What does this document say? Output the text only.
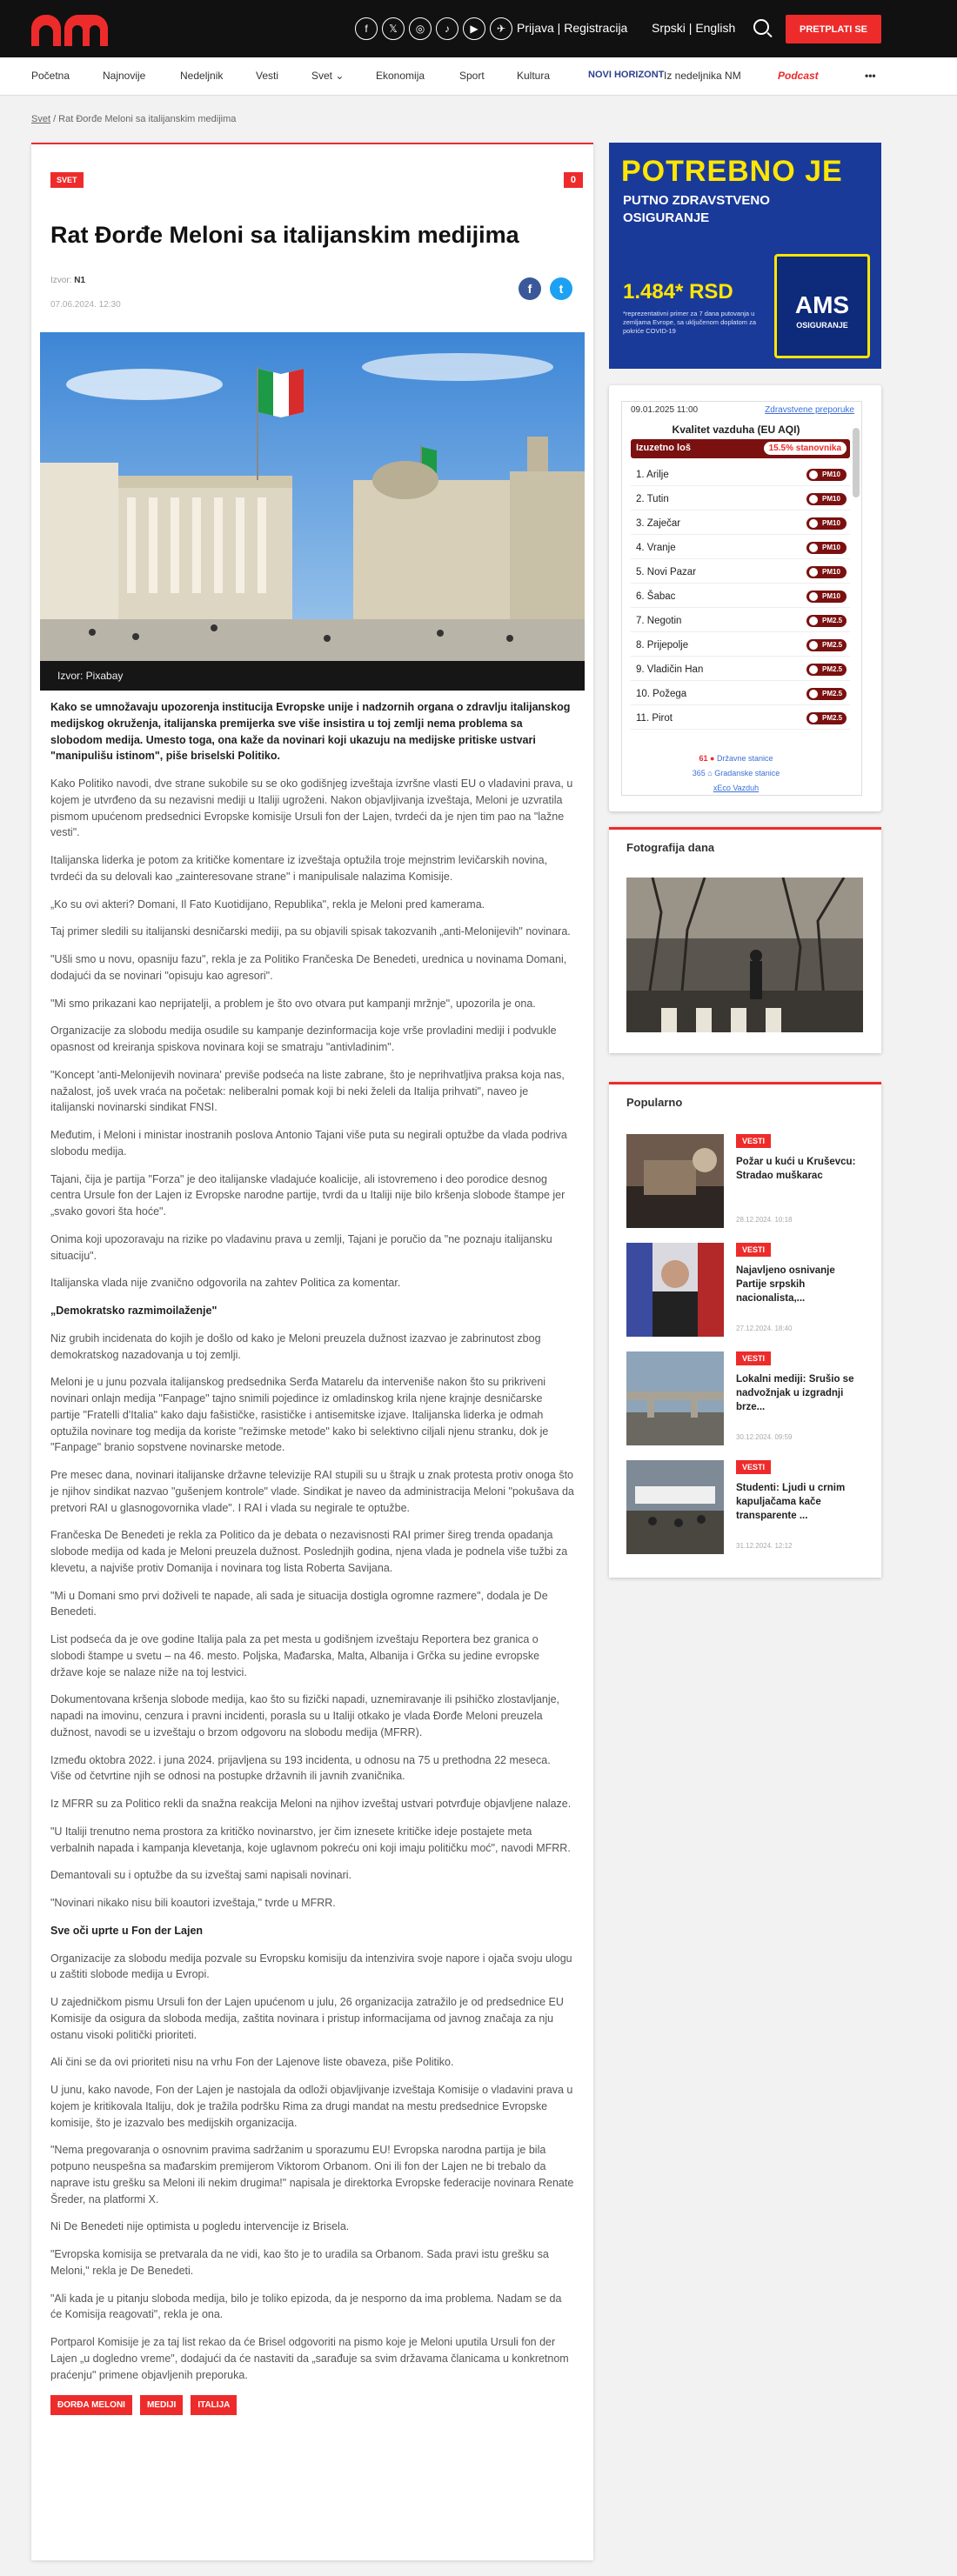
f	𝕏	◎	♪	▶	✈ Prijava | Registracija Srpski | English	PRETPLATI SE
Početna	Najnovije	Nedeljnik	Vesti	Svet ⌄	Ekonomija	Sport	Kultura	NOVI HORIZONT Iz nedeljnika NM	Podcast	•••
Svet / Rat Đorđe Meloni sa italijanskim medijima
SVET	0
Rat Đorđe Meloni sa italijanskim medijima
Izvor: N1
07.06.2024. 12:30
f	t
Izvor: Pixabay

Kako se umnožavaju upozorenja institucija Evropske unije i nadzornih organa o zdravlju italijanskog medijskog okruženja, italijanska premijerka sve više insistira u toj zemlji nema problema sa slobodom medija. Umesto toga, ona kaže da novinari koji ukazuju na medijske pritiske ustvari "manipulišu istinom", piše briselski Politiko.

Kako Politiko navodi, dve strane sukobile su se oko godišnjeg izveštaja izvršne vlasti EU o vladavini prava, u kojem je utvrđeno da su nezavisni mediji u Italiji ugroženi. Nakon objavljivanja izveštaja, Meloni je uzvratila pismom upućenom predsednici Evropske komisije Ursuli fon der Lajen, tvrdeći da je njen tim pao na "lažne vesti".

Italijanska liderka je potom za kritičke komentare iz izveštaja optužila troje mejnstrim levičarskih novina, tvrdeći da su delovali kao „zainteresovane strane" i manipulisale nalazima Komisije.

„Ko su ovi akteri? Domani, Il Fato Kuotidijano, Republika", rekla je Meloni pred kamerama.

Taj primer sledili su italijanski desničarski mediji, pa su objavili spisak takozvanih „anti-Melonijevih" novinara.

"Ušli smo u novu, opasniju fazu", rekla je za Politiko Frančeska De Benedeti, urednica u novinama Domani, dodajući da se novinari "opisuju kao agresori".

"Mi smo prikazani kao neprijatelji, a problem je što ovo otvara put kampanji mržnje", upozorila je ona.

Organizacije za slobodu medija osudile su kampanje dezinformacija koje vrše provladini mediji i podvukle opasnost od kreiranja spiskova novinara koji se smatraju "antivladinim".

"Koncept 'anti-Melonijevih novinara' previše podseća na liste zabrane, što je neprihvatljiva praksa koja nas, nažalost, još uvek vraća na početak: neliberalni pomak koji bi neki želeli da Italija prihvati", naveo je italijanski novinarski sindikat FNSI.

Međutim, i Meloni i ministar inostranih poslova Antonio Tajani više puta su negirali optužbe da vlada podriva slobodu medija.

Tajani, čija je partija "Forza" je deo italijanske vladajuće koalicije, ali istovremeno i deo porodice desnog centra Ursule fon der Lajen iz Evropske narodne partije, tvrdi da u Italiji nije bilo kršenja slobode štampe jer „svako govori šta hoće".

Onima koji upozoravaju na rizike po vladavinu prava u zemlji, Tajani je poručio da "ne poznaju italijansku situaciju".

Italijanska vlada nije zvanično odgovorila na zahtev Politica za komentar.

„Demokratsko razmimoilaženje"

Niz grubih incidenata do kojih je došlo od kako je Meloni preuzela dužnost izazvao je zabrinutost zbog demokratskog nazadovanja u toj zemlji.

Meloni je u junu pozvala italijanskog predsednika Serđa Matarelu da interveniše nakon što su prikriveni novinari onlajn medija "Fanpage" tajno snimili pojedince iz omladinskog krila njene krajnje desničarske partije "Fratelli d'Italia" kako daju fašističke, rasističke i antisemitske izjave. Italijanska liderka je odmah optužila novinare tog medija da koriste "režimske metode" kako bi selektivno cilјali njenu stranku, dok je "Fanpage" branio sopstvene novinarske metode.

Pre mesec dana, novinari italijanske državne televizije RAI stupili su u štrajk u znak protesta protiv onoga što je njihov sindikat nazvao "gušenjem kontrole" vlade. Sindikat je naveo da administracija Meloni "pokušava da pretvori RAI u glasnogovornika vlade". I RAI i vlada su negirale te optužbe.

Frančeska De Benedeti je rekla za Politico da je debata o nezavisnosti RAI primer šireg trenda opadanja slobode medija od kada je Meloni preuzela dužnost. Poslednjih godina, njena vlada je podnela više tužbi za klevetu, a najviše protiv Domanija i novinara tog lista Roberta Savijana.

"Mi u Domani smo prvi doživeli te napade, ali sada je situacija dostigla ogromne razmere", dodala je De Benedeti.

List podseća da je ove godine Italija pala za pet mesta u godišnjem izveštaju Reportera bez granica o slobodi štampe u svetu – na 46. mesto. Poljska, Mađarska, Malta, Albanija i Grčka su jedine evropske države koje se nalaze niže na toj lestvici.

Dokumentovana kršenja slobode medija, kao što su fizički napadi, uznemiravanje ili psihičko zlostavljanje, napadi na imovinu, cenzura i pravni incidenti, porasla su u Italiji otkako je vlada Đorđe Meloni preuzela dužnost, navodi se u izveštaju o brzom odgovoru na slobodu medija (MFRR).

Između oktobra 2022. i juna 2024. prijavljena su 193 incidenta, u odnosu na 75 u prethodna 22 meseca. Više od četvrtine njih se odnosi na postupke državnih ili javnih zvaničnika.

Iz MFRR su za Politico rekli da snažna reakcija Meloni na njihov izveštaj ustvari potvrđuje objavljene nalaze.

"U Italiji trenutno nema prostora za kritičko novinarstvo, jer čim iznesete kritičke ideje postajete meta verbalnih napada i kampanja klevetanja, koje uglavnom pokreću oni koji imaju političku moć", navodi MFRR.

Demantovali su i optužbe da su izveštaj sami napisali novinari.

"Novinari nikako nisu bili koautori izveštaja," tvrde u MFRR.

Sve oči uprte u Fon der Lajen

Organizacije za slobodu medija pozvale su Evropsku komisiju da intenzivira svoje napore i ojača svoju ulogu u zaštiti slobode medija u Evropi.

U zajedničkom pismu Ursuli fon der Lajen upućenom u julu, 26 organizacija zatražilo je od predsednice EU Komisije da osigura da sloboda medija, zaštita novinara i pristup informacijama od javnog značaja za nju ostanu visoki politički prioriteti.

Ali čini se da ovi prioriteti nisu na vrhu Fon der Lajenove liste obaveza, piše Politiko.

U junu, kako navode, Fon der Lajen je nastojala da odloži objavljivanje izveštaja Komisije o vladavini prava u kojem je kritikovala Italiju, dok je tražila podršku Rima za drugi mandat na mestu predsednice Evropske komisije, što je izazvalo bes medijskih organizacija.

"Nema pregovaranja o osnovnim pravima sadržanim u sporazumu EU! Evropska narodna partija je bila potpuno neuspešna sa mađarskim premijerom Viktorom Orbanom. Oni ili fon der Lajen ne bi trebalo da naprave istu grešku sa Meloni ili nekim drugima!" napisala je direktorka Evropske federacije novinara Renate Šreder, na platformi X.

Ni De Benedeti nije optimista u pogledu intervencije iz Brisela.

"Evropska komisija se pretvarala da ne vidi, kao što je to uradila sa Orbanom. Sada pravi istu grešku sa Meloni," rekla je De Benedeti.

"Ali kada je u pitanju sloboda medija, bilo je toliko epizoda, da je nesporno da ima problema. Nadam se da će Komisija reagovati", rekla je ona.

Portparol Komisije je za taj list rekao da će Brisel odgovoriti na pismo koje je Meloni uputila Ursuli fon der Lajen „u dogledno vreme", dodajući da će nastaviti da „sarađuje sa svim državama članicama u konkretnom praćenju" primene objavljenih preporuka.

ĐORĐA MELONI	MEDIJI	ITALIJA
POTREBNO JE
PUTNO ZDRAVSTVENO
OSIGURANJE
1.484* RSD
*reprezentativni primer za 7 dana putovanja u zemljama Evrope, sa uključenom doplatom za pokriće COVID-19
AMS
OSIGURANJE
09.01.2025 11:00	Zdravstvene preporuke
Kvalitet vazduha (EU AQI)
Izuzetno loš	15.5% stanovnika
1. Arilje	PM10
2. Tutin	PM10
3. Zaječar	PM10
4. Vranje	PM10
5. Novi Pazar	PM10
6. Šabac	PM10
7. Negotin	PM2.5
8. Prijepolje	PM2.5
9. Vladičin Han	PM2.5
10. Požega	PM2.5
11. Pirot	PM2.5
61 ● Državne stanice
365 ⌂ Gradanske stanice
xEco Vazduh
Fotografija dana
Popularno
VESTI
Požar u kući u Kruševcu: Stradao muškarac
28.12.2024. 10:18
VESTI
Najavljeno osnivanje Partije srpskih nacionalista,...
27.12.2024. 18:40
VESTI
Lokalni mediji: Srušio se nadvožnjak u izgradnji brze...
30.12.2024. 09:59
VESTI
Studenti: Ljudi u crnim kapuljačama kače transparente ...
31.12.2024. 12:12
